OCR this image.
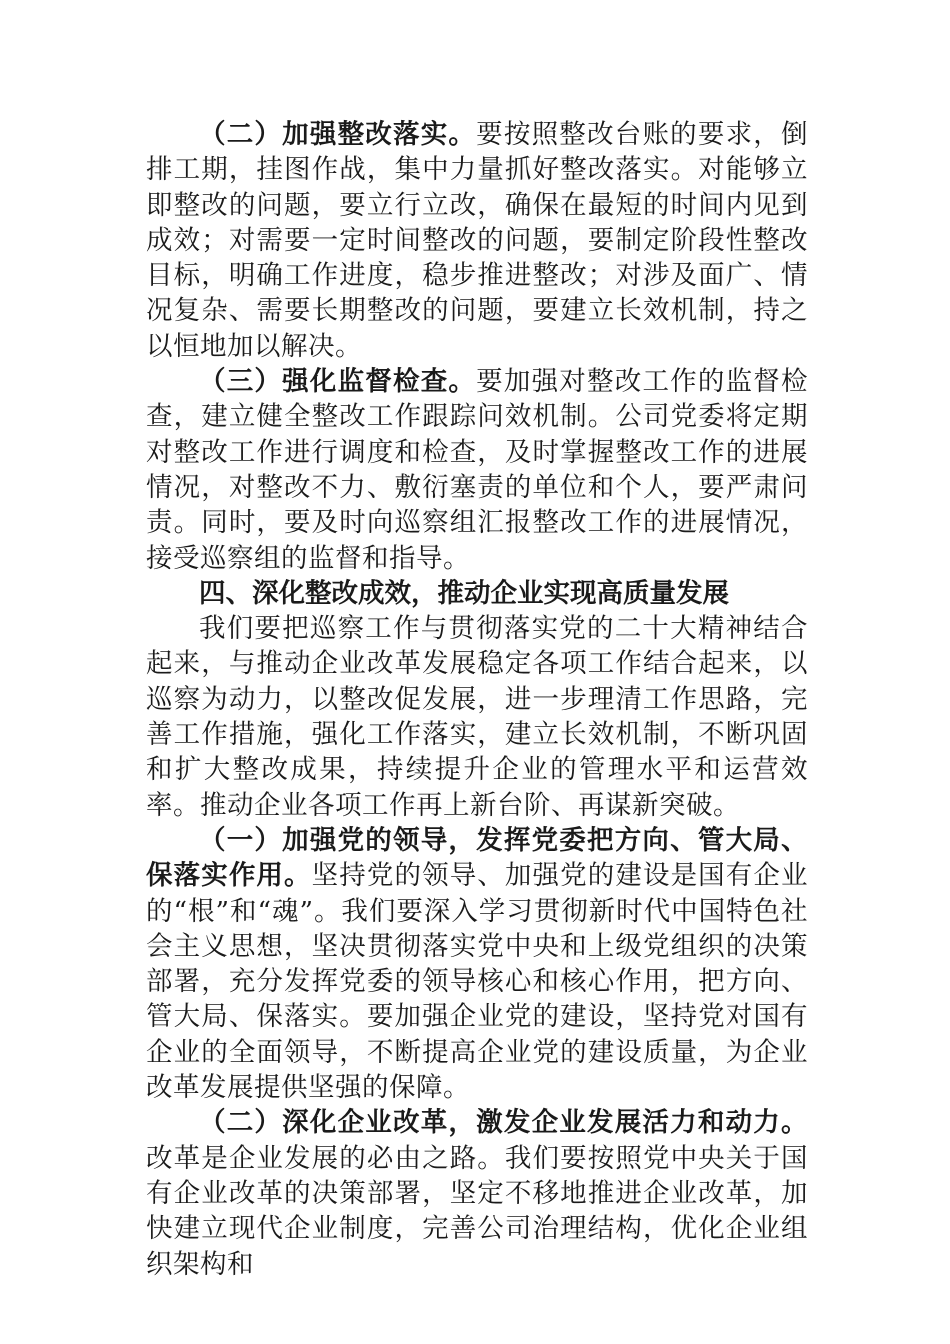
（二）加强整改落实。要按照整改台账的要求，倒排工期，挂图作战，集中力量抓好整改落实。对能够立即整改的问题，要立行立改，确保在最短的时间内见到成效；对需要一定时间整改的问题，要制定阶段性整改目标，明确工作进度，稳步推进整改；对涉及面广、情况复杂、需要长期整改的问题，要建立长效机制，持之以恒地加以解决。

（三）强化监督检查。要加强对整改工作的监督检查，建立健全整改工作跟踪问效机制。公司党委将定期对整改工作进行调度和检查，及时掌握整改工作的进展情况，对整改不力、敷衍塞责的单位和个人，要严肃问责。同时，要及时向巡察组汇报整改工作的进展情况，接受巡察组的监督和指导。

四、深化整改成效，推动企业实现高质量发展

我们要把巡察工作与贯彻落实党的二十大精神结合起来，与推动企业改革发展稳定各项工作结合起来，以巡察为动力，以整改促发展，进一步理清工作思路，完善工作措施，强化工作落实，建立长效机制，不断巩固和扩大整改成果，持续提升企业的管理水平和运营效率。推动企业各项工作再上新台阶、再谋新突破。

（一）加强党的领导，发挥党委把方向、管大局、保落实作用。坚持党的领导、加强党的建设是国有企业的“根”和“魂”。我们要深入学习贯彻新时代中国特色社会主义思想，坚决贯彻落实党中央和上级党组织的决策部署，充分发挥党委的领导核心和核心作用，把方向、管大局、保落实。要加强企业党的建设，坚持党对国有企业的全面领导，不断提高企业党的建设质量，为企业改革发展提供坚强的保障。

（二）深化企业改革，激发企业发展活力和动力。改革是企业发展的必由之路。我们要按照党中央关于国有企业改革的决策部署，坚定不移地推进企业改革，加快建立现代企业制度，完善公司治理结构，优化企业组织架构和
